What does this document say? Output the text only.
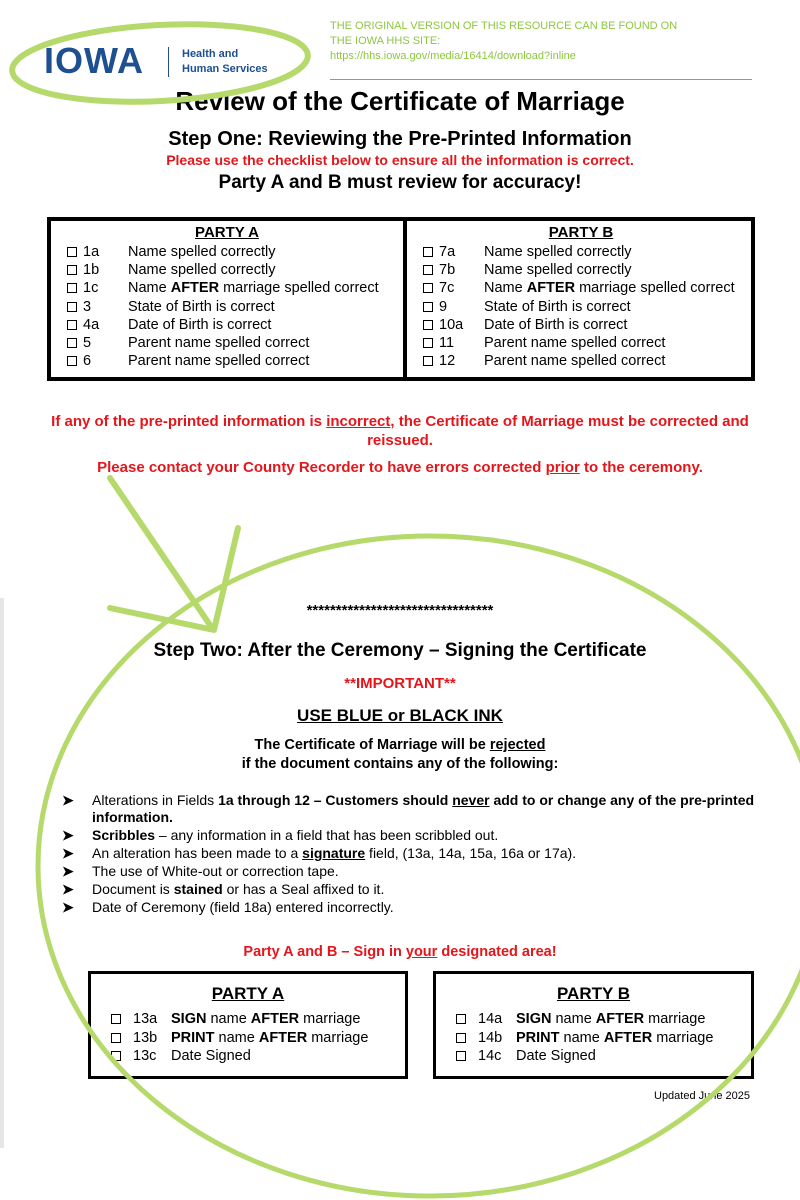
IOWA	Health and
Human Services
THE ORIGINAL VERSION OF THIS RESOURCE CAN BE FOUND ON
THE IOWA HHS SITE:
https://hhs.iowa.gov/media/16414/download?inline
Review of the Certificate of Marriage
Step One: Reviewing the Pre-Printed Information
Please use the checklist below to ensure all the information is correct.
Party A and B must review for accuracy!
PARTY A
1a	Name spelled correctly
1b	Name spelled correctly
1c	Name AFTER marriage spelled correct
3	State of Birth is correct
4a	Date of Birth is correct
5	Parent name spelled correct
6	Parent name spelled correct
PARTY B
7a	Name spelled correctly
7b	Name spelled correctly
7c	Name AFTER marriage spelled correct
9	State of Birth is correct
10a	Date of Birth is correct
11	Parent name spelled correct
12	Parent name spelled correct
If any of the pre-printed information is incorrect, the Certificate of Marriage must be corrected and reissued.
Please contact your County Recorder to have errors corrected prior to the ceremony.
********************************
Step Two: After the Ceremony – Signing the Certificate
**IMPORTANT**
USE BLUE or BLACK INK
The Certificate of Marriage will be rejected
if the document contains any of the following:
➤ Alterations in Fields 1a through 12 – Customers should never add to or change any of the pre-printed information.
➤ Scribbles – any information in a field that has been scribbled out.
➤ An alteration has been made to a signature field, (13a, 14a, 15a, 16a or 17a).
➤ The use of White-out or correction tape.
➤ Document is stained or has a Seal affixed to it.
➤ Date of Ceremony (field 18a) entered incorrectly.
Party A and B – Sign in your designated area!
PARTY A
13a SIGN name AFTER marriage
13b PRINT name AFTER marriage
13c	Date Signed
PARTY B
14a SIGN name AFTER marriage
14b PRINT name AFTER marriage
14c	Date Signed
Updated June 2025
